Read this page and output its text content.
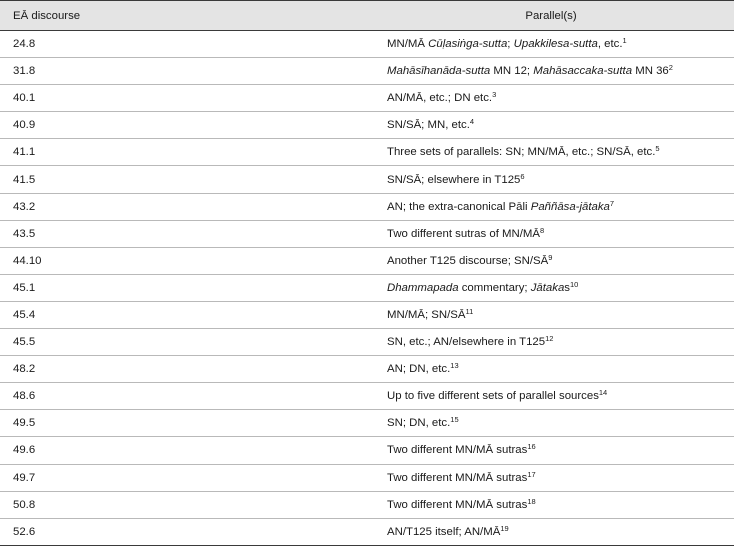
EĀ discourse	Parallel(s)
24.8	MN/MĀ Cūḷasiṅga-sutta; Upakkilesa-sutta, etc.$^1$
31.8	Mahāsīhanāda-sutta MN 12; Mahāsaccaka-sutta MN $36^2$
40.1	AN/MĀ, etc.; DN etc.$^3$
40.9	SN/SĀ; MN, etc.$^4$
41.1	Three sets of parallels: SN; MN/MĀ, etc.; SN/SĀ, etc.$^5$
41.5	SN/SĀ; elsewhere in $T125^6$
43.2	AN; the extra-canonical Pāli Paññāsa-jātaka$^7$
43.5	Two different sutras of $MN/MĀ^8$
44.10	Another T125 discourse; $SN/SĀ^9$
45.1	Dhammapada commentary; Jātakas$^{10}$
45.4	MN/MĀ; SN/SĀ$^{11}$
45.5	SN, etc.; AN/elsewhere in $T125^{12}$
48.2	AN; DN, etc.$^{13}$
48.6	Up to five different sets of parallel sources$^{14}$
49.5	SN; DN, etc.$^{15}$
49.6	Two different MN/MĀ sutras$^{16}$
49.7	Two different MN/MĀ sutras$^{17}$
50.8	Two different MN/MĀ sutras$^{18}$
52.6	AN/T125 itself; AN/MĀ$^{19}$
